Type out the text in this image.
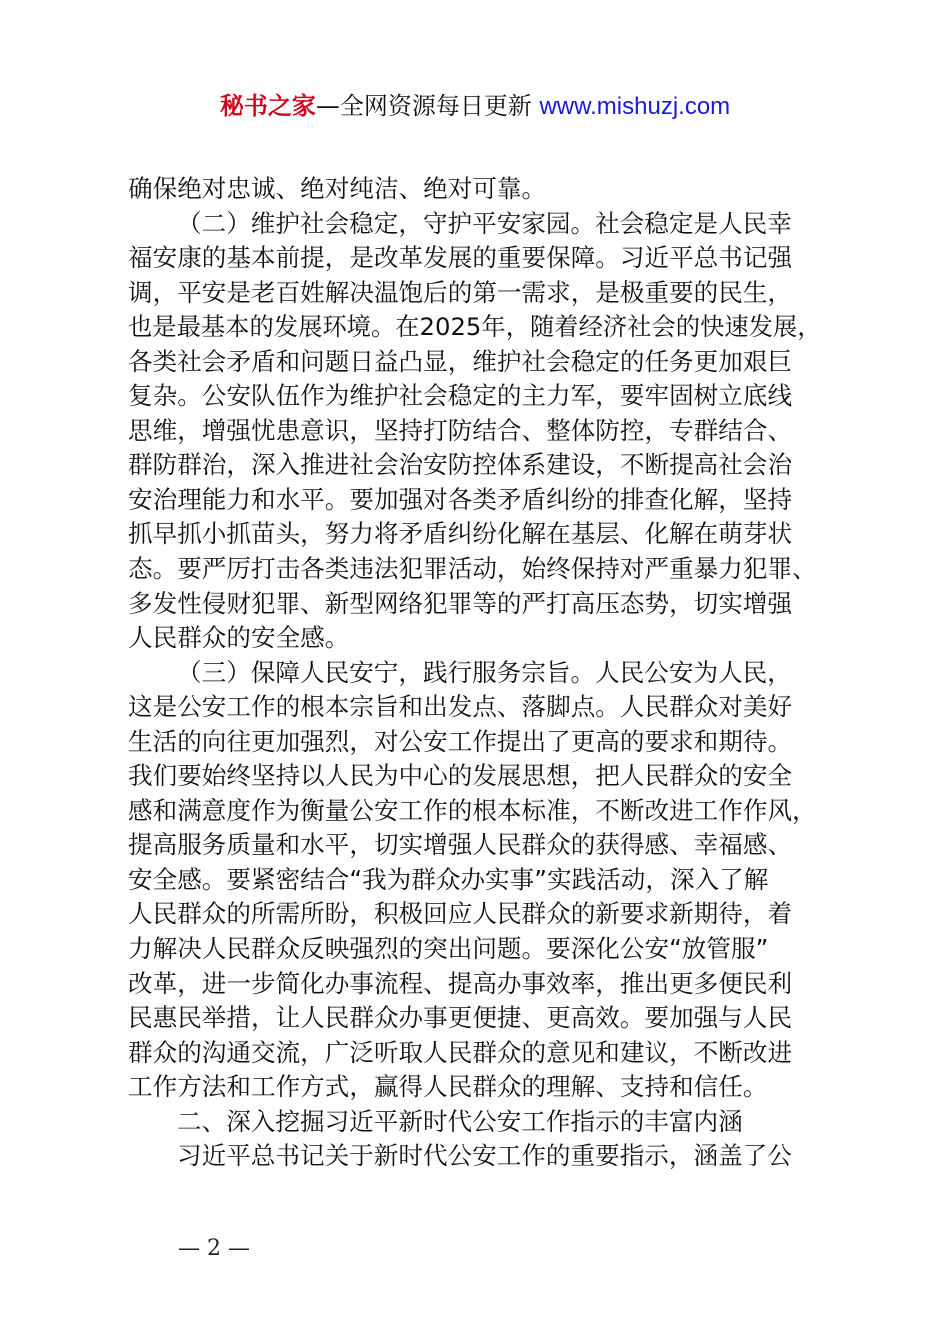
秘书之家—全网资源每日更新 www.mishuzj.com
确保绝对忠诚、绝对纯洁、绝对可靠。
（二）维护社会稳定，守护平安家园。社会稳定是人民幸
福安康的基本前提，是改革发展的重要保障。习近平总书记强
调，平安是老百姓解决温饱后的第一需求，是极重要的民生，
也是最基本的发展环境。在2025年，随着经济社会的快速发展，
各类社会矛盾和问题日益凸显，维护社会稳定的任务更加艰巨
复杂。公安队伍作为维护社会稳定的主力军，要牢固树立底线
思维，增强忧患意识，坚持打防结合、整体防控，专群结合、
群防群治，深入推进社会治安防控体系建设，不断提高社会治
安治理能力和水平。要加强对各类矛盾纠纷的排查化解，坚持
抓早抓小抓苗头，努力将矛盾纠纷化解在基层、化解在萌芽状
态。要严厉打击各类违法犯罪活动，始终保持对严重暴力犯罪、
多发性侵财犯罪、新型网络犯罪等的严打高压态势，切实增强
人民群众的安全感。
（三）保障人民安宁，践行服务宗旨。人民公安为人民，
这是公安工作的根本宗旨和出发点、落脚点。人民群众对美好
生活的向往更加强烈，对公安工作提出了更高的要求和期待。
我们要始终坚持以人民为中心的发展思想，把人民群众的安全
感和满意度作为衡量公安工作的根本标准，不断改进工作作风，
提高服务质量和水平，切实增强人民群众的获得感、幸福感、
安全感。要紧密结合“我为群众办实事”实践活动，深入了解
人民群众的所需所盼，积极回应人民群众的新要求新期待，着
力解决人民群众反映强烈的突出问题。要深化公安“放管服”
改革，进一步简化办事流程、提高办事效率，推出更多便民利
民惠民举措，让人民群众办事更便捷、更高效。要加强与人民
群众的沟通交流，广泛听取人民群众的意见和建议，不断改进
工作方法和工作方式，赢得人民群众的理解、支持和信任。
二、深入挖掘习近平新时代公安工作指示的丰富内涵
习近平总书记关于新时代公安工作的重要指示，涵盖了公
— 2 —
